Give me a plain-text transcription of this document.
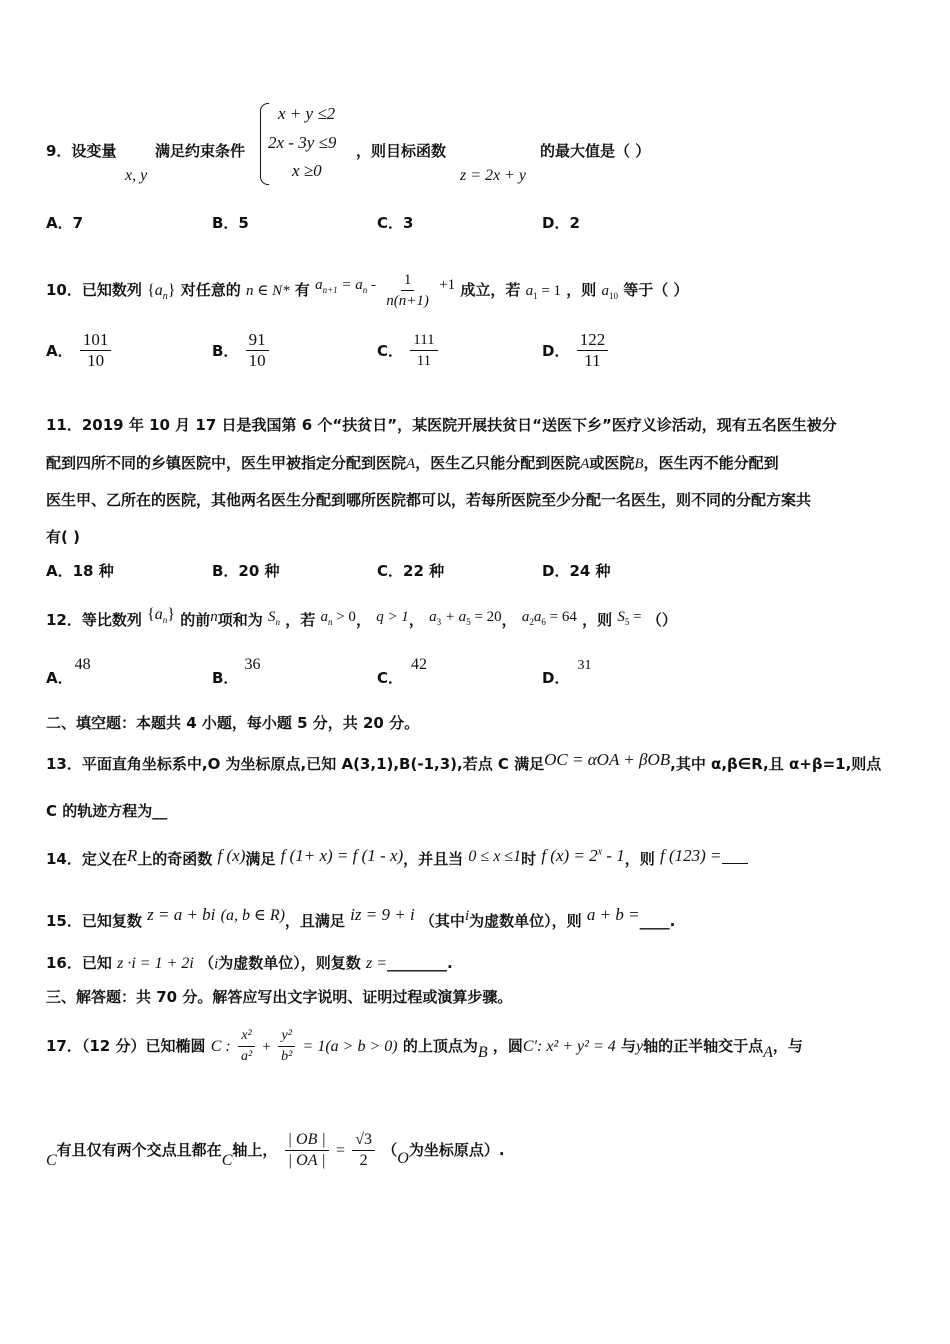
9．设变量
x, y
满足约束条件
x + y ≤2
2x - 3y ≤9
x ≥0
，则目标函数
z = 2x + y
的最大值是（ ）
A．7	B．5	C．3	D．2
10．已知数列 $\{a_n\}$ 对任意的 n ∈ N* 有 $a_{n+1} = a_n - \frac{1}{n(n+1)} +1$ 成立，若 $a_1 = 1$ ，则 $a_{10}$ 等于（ ）
A． $\frac{101}{10}$	B． $\frac{91}{10}$	C． $\frac{111}{11}$	D． $\frac{122}{11}$
11．2019 年 10 月 17 日是我国第 6 个“扶贫日”，某医院开展扶贫日“送医下乡”医疗义诊活动，现有五名医生被分
配到四所不同的乡镇医院中，医生甲被指定分配到医院A，医生乙只能分配到医院A或医院B，医生丙不能分配到
医生甲、乙所在的医院，其他两名医生分配到哪所医院都可以，若每所医院至少分配一名医生，则不同的分配方案共
有( )
A．18 种	B．20 种	C．22 种	D．24 种
12．等比数列 $\{a_n\}$ 的前n项和为 $S_n$ ，若 $a_n > 0$， q > 1， $a_3 + a_5 = 20$， $a_2a_6 = 64$ ，则 $S_5$ = （）
A．48
B．36
C．42
D．31
二、填空题：本题共 4 小题，每小题 5 分，共 20 分。
13．平面直角坐标系中,O 为坐标原点,已知 A(3,1),B(-1,3),若点 C 满足OC = αOA + βOB,其中 α,β∈R,且 α+β=1,则点
C 的轨迹方程为__
14．定义在R上的奇函数 f (x)满足 f (1+ x) = f (1 - x)，并且当 0 ≤ x ≤1时 f $(x) = 2^x - 1$，则 f (123) =
15．已知复数 z = a + bi (a, b ∈ R)，且满足 iz = 9 + i （其中i为虚数单位），则 a + b =____.
16．已知 z ·i = 1 + 2i （i为虚数单位），则复数 z =________.
三、解答题：共 70 分。解答应写出文字说明、证明过程或演算步骤。
17．（12 分）已知椭圆 C : $\frac{\text{x²}}{\text{a²}} + \frac{\text{y²}}{\text{b²}} = 1(a > b > 0)$ 的上顶点为B ，圆C′: x² + y² = 4 与y轴的正半轴交于点A，与
C有且仅有两个交点且都在C轴上， $\frac{| OB |}{| OA |} = \frac{√3}{2} (O$为坐标原点）.
